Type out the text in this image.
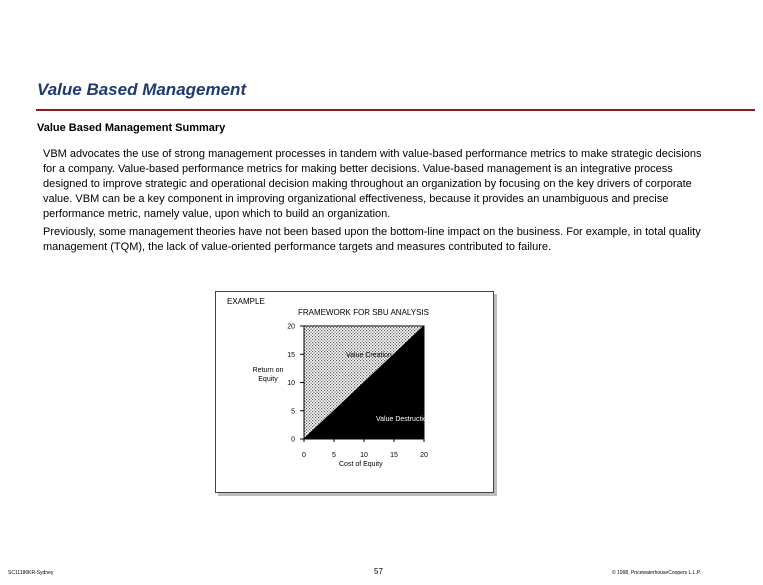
Value Based Management
Value Based Management Summary

VBM advocates the use of strong management processes in tandem with value-based performance metrics to make strategic decisions for a company. Value-based performance metrics for making better decisions. Value-based management is an integrative process designed to improve strategic and operational decision making throughout an organization by focusing on the key drivers of corporate value. VBM can be a key component in improving organizational effectiveness, because it provides an unambiguous and precise performance metric, namely value, upon which to build an organization.

Previously, some management theories have not been based upon the bottom-line impact on the business. For example, in total quality management (TQM), the lack of value-oriented performance targets and measures contributed to failure.

EXAMPLE
FRAMEWORK FOR SBU ANALYSIS
Return on Equity
Cost of Equity
0
5
10
15
20
0	5	10	15	20
Value Creation
Value Destruction
SC11186KR-Sydney	57	© 1998, PricewaterhouseCoopers L.L.P.
